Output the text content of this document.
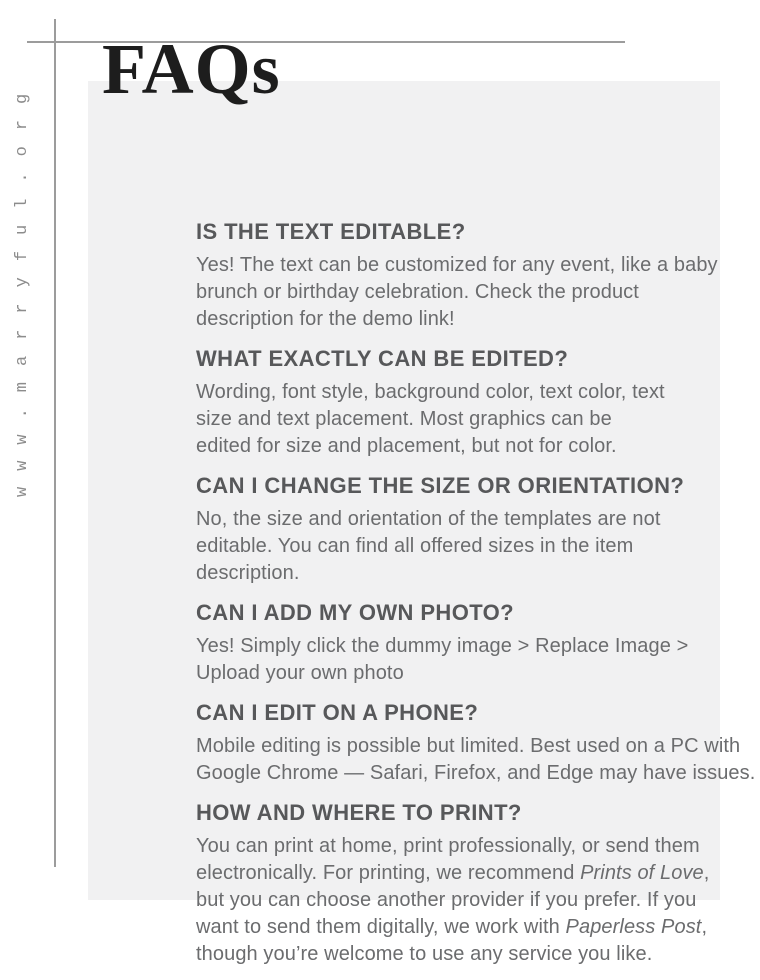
www.marryful.org	IS THE TEXT EDITABLE?

Yes! The text can be customized for any event, like a baby
brunch or birthday celebration. Check the product
description for the demo link!

WHAT EXACTLY CAN BE EDITED?

Wording, font style, background color, text color, text
size and text placement. Most graphics can be
edited for size and placement, but not for color.

CAN I CHANGE THE SIZE OR ORIENTATION?

No, the size and orientation of the templates are not
editable. You can find all offered sizes in the item
description.

CAN I ADD MY OWN PHOTO?

Yes! Simply click the dummy image > Replace Image >
Upload your own photo

CAN I EDIT ON A PHONE?

Mobile editing is possible but limited. Best used on a PC with
Google Chrome — Safari, Firefox, and Edge may have issues.

HOW AND WHERE TO PRINT?

You can print at home, print professionally, or send them
electronically. For printing, we recommend Prints of Love,
but you can choose another provider if you prefer. If you
want to send them digitally, we work with Paperless Post,
though you’re welcome to use any service you like.

FAQs
